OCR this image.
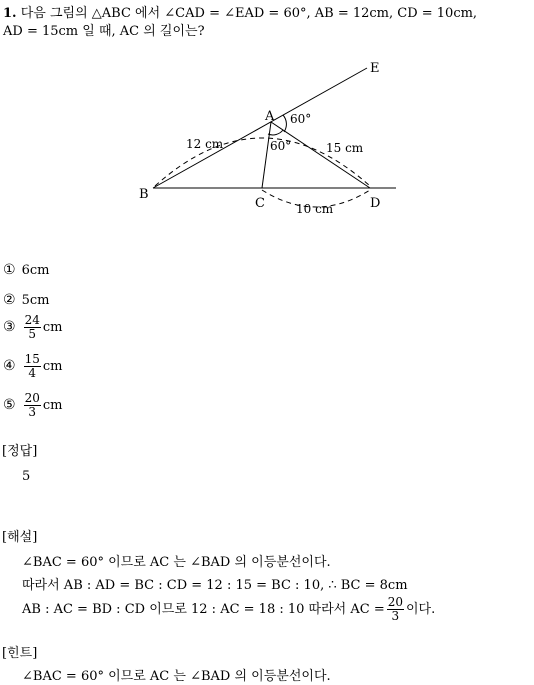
1. 다음 그림의 △ABC 에서 ∠CAD = ∠EAD = 60°, AB = 12cm, CD = 10cm,
AD = 15cm 일 때, AC 의 길이는?
A
B
C	D
E
60°
60°
12 cm	15 cm
10 cm
① 6cm
② 5cm
③ $\frac{24}{5}$ cm
④ $\frac{15}{4}$ cm
⑤ $\frac{20}{3}$ cm
[정답]
5
[해설]
∠BAC = 60° 이므로 AC 는 ∠BAD 의 이등분선이다.
따라서 AB : AD = BC : CD = 12 : 15 = BC : 10, ∴ BC = 8cm
AB : AC = BD : CD 이므로 12 : AC = 18 : 10 따라서 AC = $\frac{20}{3}$ 이다.
[힌트]
∠BAC = 60° 이므로 AC 는 ∠BAD 의 이등분선이다.
